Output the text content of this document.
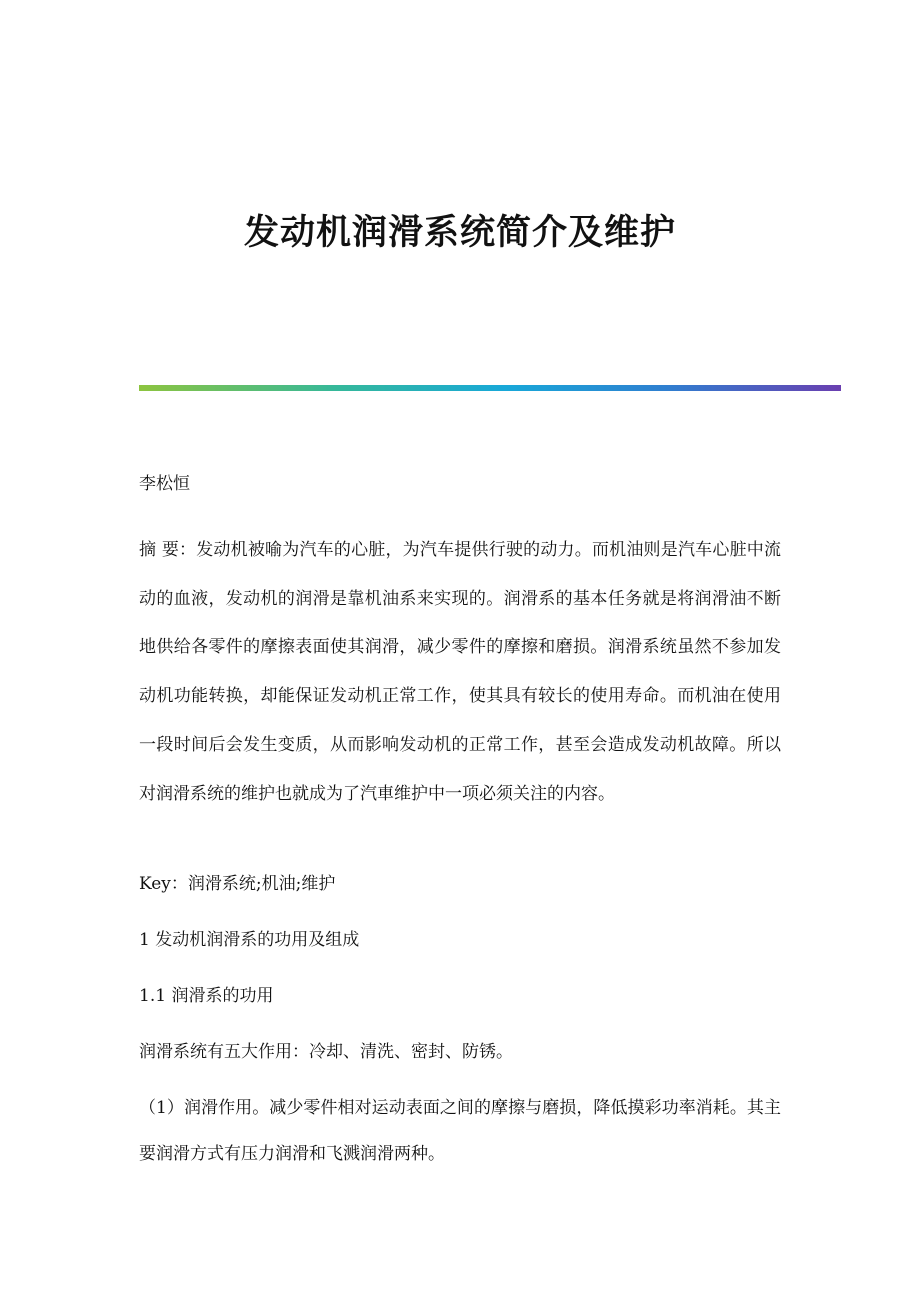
发动机润滑系统简介及维护
李松恒

摘 要：发动机被喻为汽车的心脏，为汽车提供行驶的动力。而机油则是汽车心脏中流动的血液，发动机的润滑是靠机油系来实现的。润滑系的基本任务就是将润滑油不断地供给各零件的摩擦表面使其润滑，减少零件的摩擦和磨损。润滑系统虽然不参加发动机功能转换，却能保证发动机正常工作，使其具有较长的使用寿命。而机油在使用一段时间后会发生变质，从而影响发动机的正常工作，甚至会造成发动机故障。所以对润滑系统的维护也就成为了汽車维护中一项必须关注的内容。

Key：润滑系统;机油;维护
1 发动机润滑系的功用及组成
1.1 润滑系的功用
润滑系统有五大作用：冷却、清洗、密封、防锈。

（1）润滑作用。减少零件相对运动表面之间的摩擦与磨损，降低摸彩功率消耗。其主要润滑方式有压力润滑和飞溅润滑两种。
